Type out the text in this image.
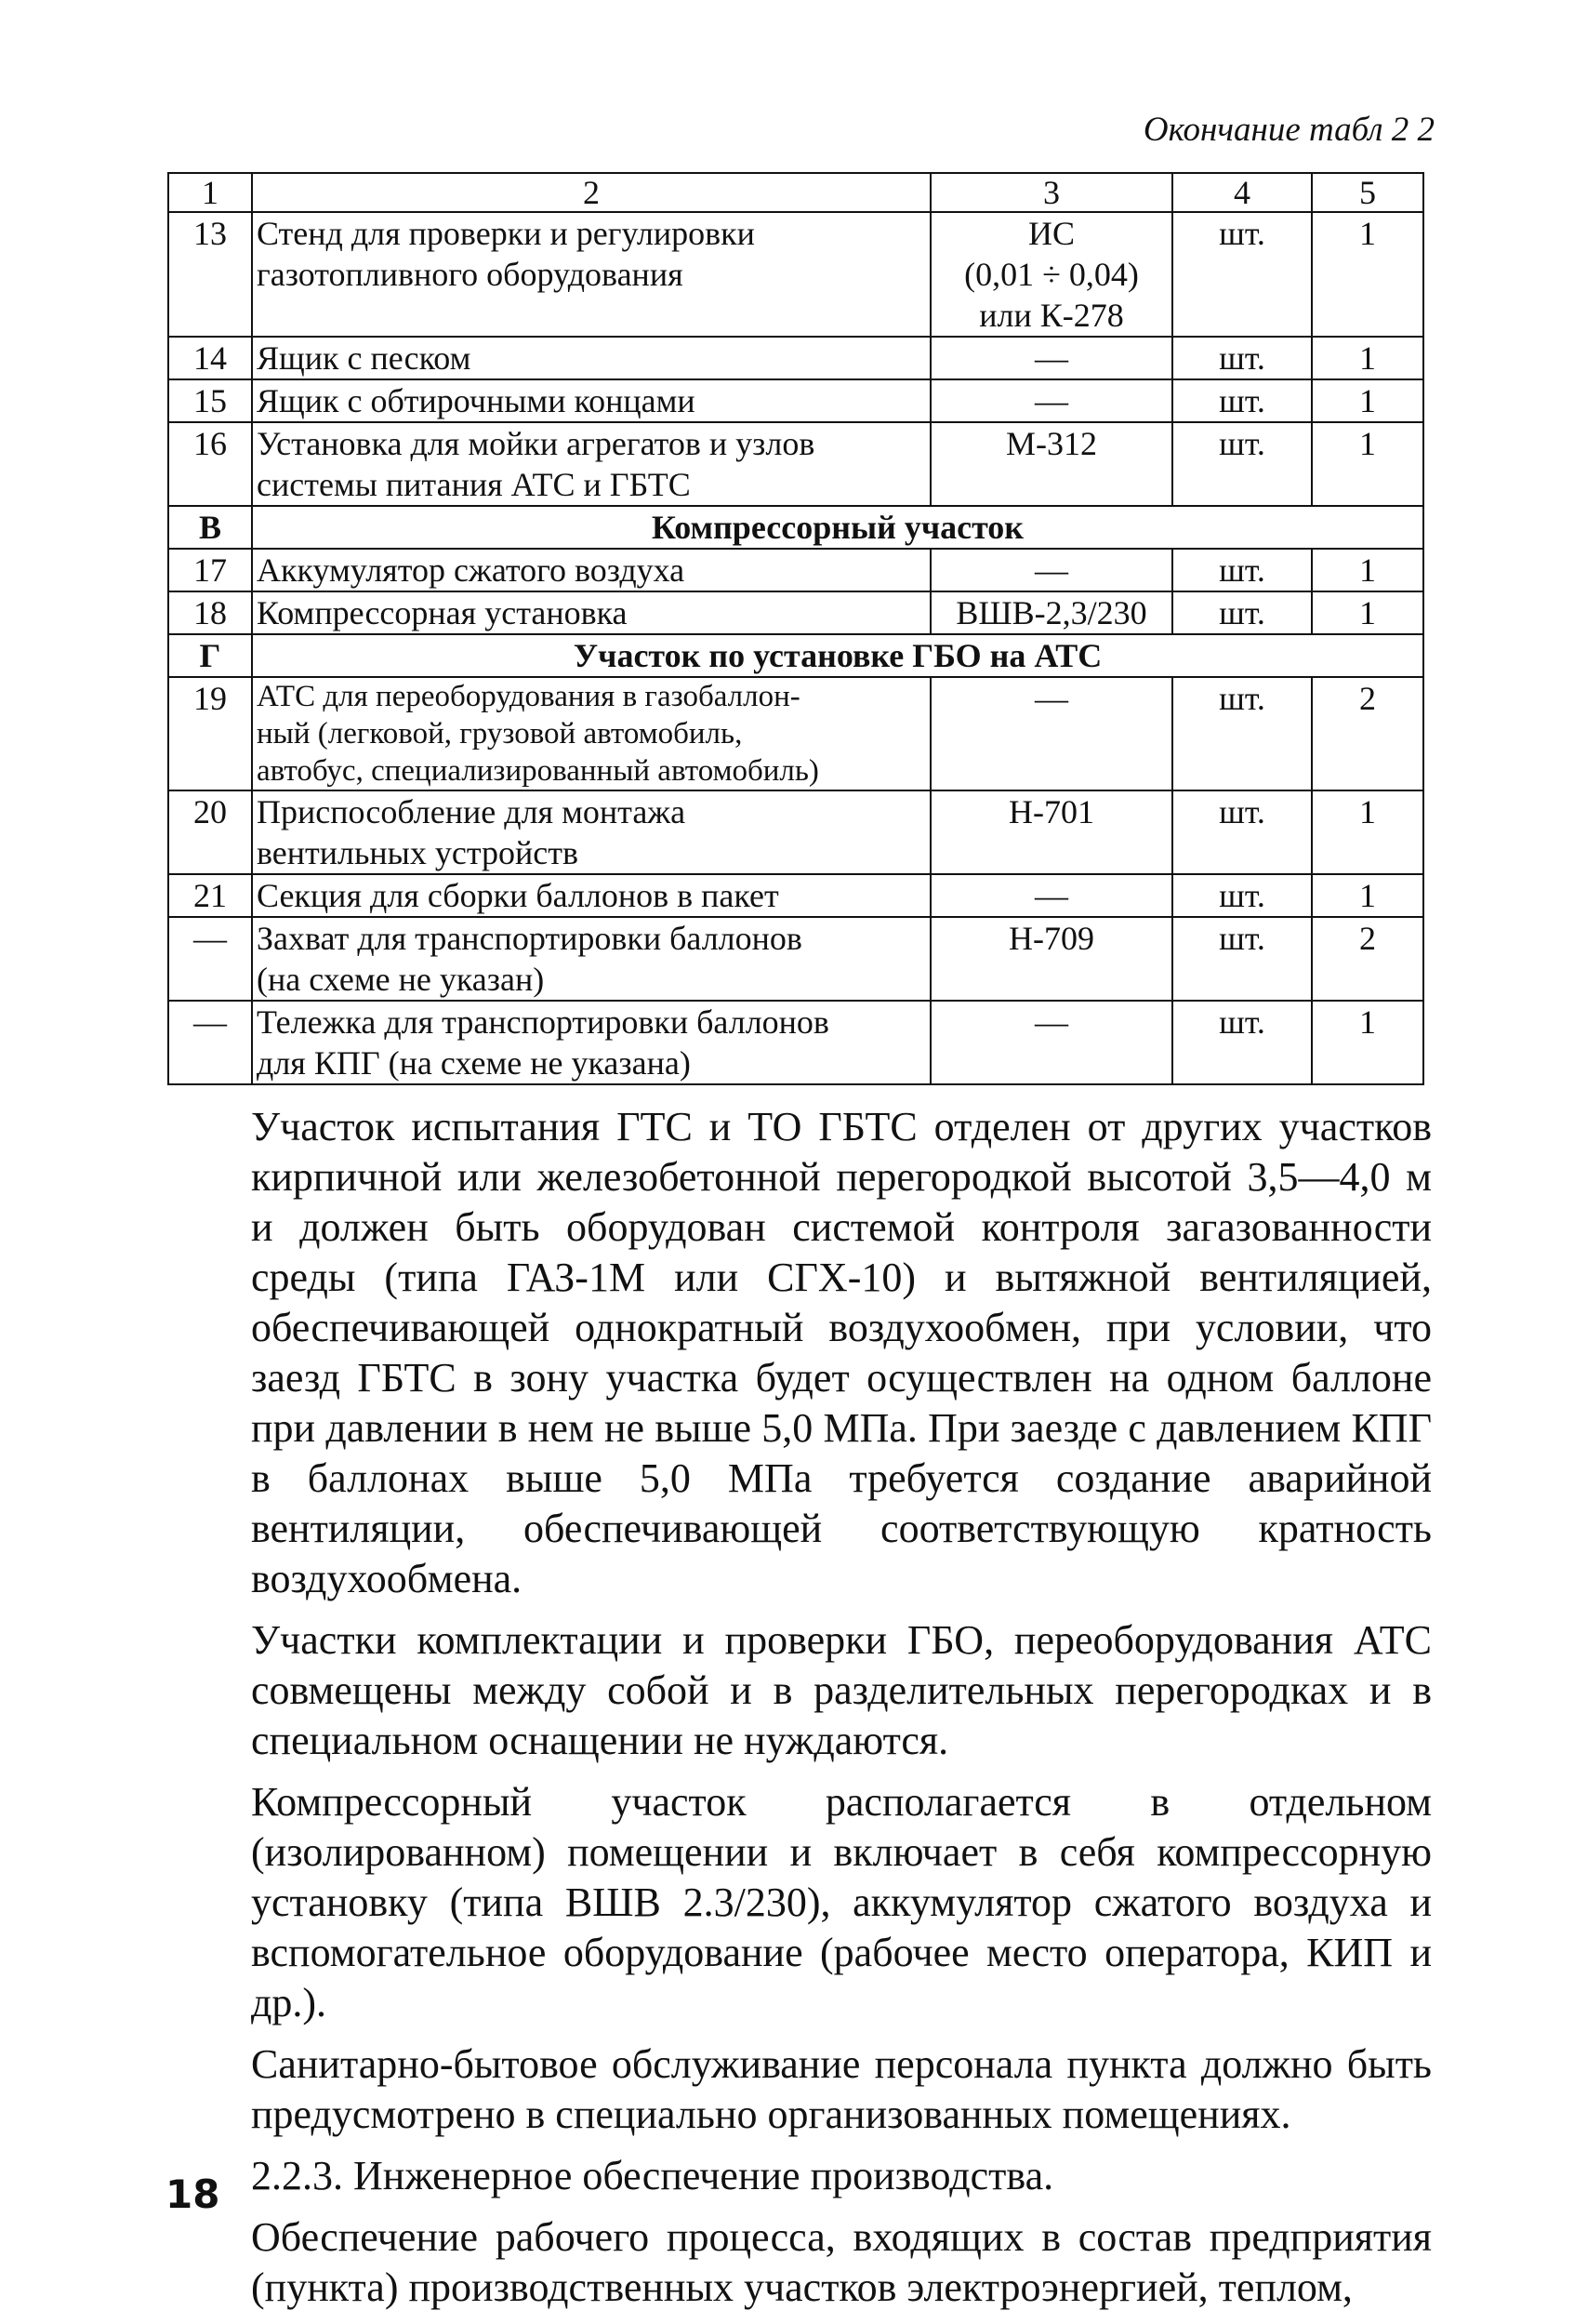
Окончание табл 2 2
1	2	3	4	5
13	Стенд для проверки и регулировки
газотопливного оборудования	ИС
(0,01 ÷ 0,04)
или К-278	шт.	1
14	Ящик с песком	—	шт.	1
15	Ящик с обтирочными концами	—	шт.	1
16	Установка для мойки агрегатов и узлов
системы питания АТС и ГБТС	М-312	шт.	1
В	Компрессорный участок			
17	Аккумулятор сжатого воздуха	—	шт.	1
18	Компрессорная установка	ВШВ-2,3/230	шт.	1
Г	Участок по установке ГБО на АТС			
19	АТС для переоборудования в газобаллон-
ный (легковой, грузовой автомобиль,
автобус, специализированный автомобиль)	—	шт.	2
20	Приспособление для монтажа
вентильных устройств	Н-701	шт.	1
21	Секция для сборки баллонов в пакет	—	шт.	1
—	Захват для транспортировки баллонов
(на схеме не указан)	Н-709	шт.	2
—	Тележка для транспортировки баллонов
для КПГ (на схеме не указана)	—	шт.	1

Участок испытания ГТС и ТО ГБТС отделен от других участков кирпичной или железобетонной перегородкой высотой 3,5—4,0 м и должен быть оборудован системой контроля загазованности среды (типа ГАЗ-1М или СГХ-10) и вытяжной вентиляцией, обеспечивающей однократный воздухообмен, при условии, что заезд ГБТС в зону участка будет осуществлен на одном баллоне при давлении в нем не выше 5,0 МПа. При заезде с давлением КПГ в баллонах выше 5,0 МПа требуется создание аварийной вентиляции, обеспечивающей соответствующую кратность воздухообмена.

Участки комплектации и проверки ГБО, переоборудования АТС совмещены между собой и в разделительных перегородках и в специальном оснащении не нуждаются.

Компрессорный участок располагается в отдельном (изолированном) помещении и включает в себя компрессорную установку (типа ВШВ 2.3/230), аккумулятор сжатого воздуха и вспомогательное оборудование (рабочее место оператора, КИП и др.).

Санитарно-бытовое обслуживание персонала пункта должно быть предусмотрено в специально организованных помещениях.

2.2.3. Инженерное обеспечение производства.

Обеспечение рабочего процесса, входящих в состав предприятия (пункта) производственных участков электроэнергией, теплом,

18
